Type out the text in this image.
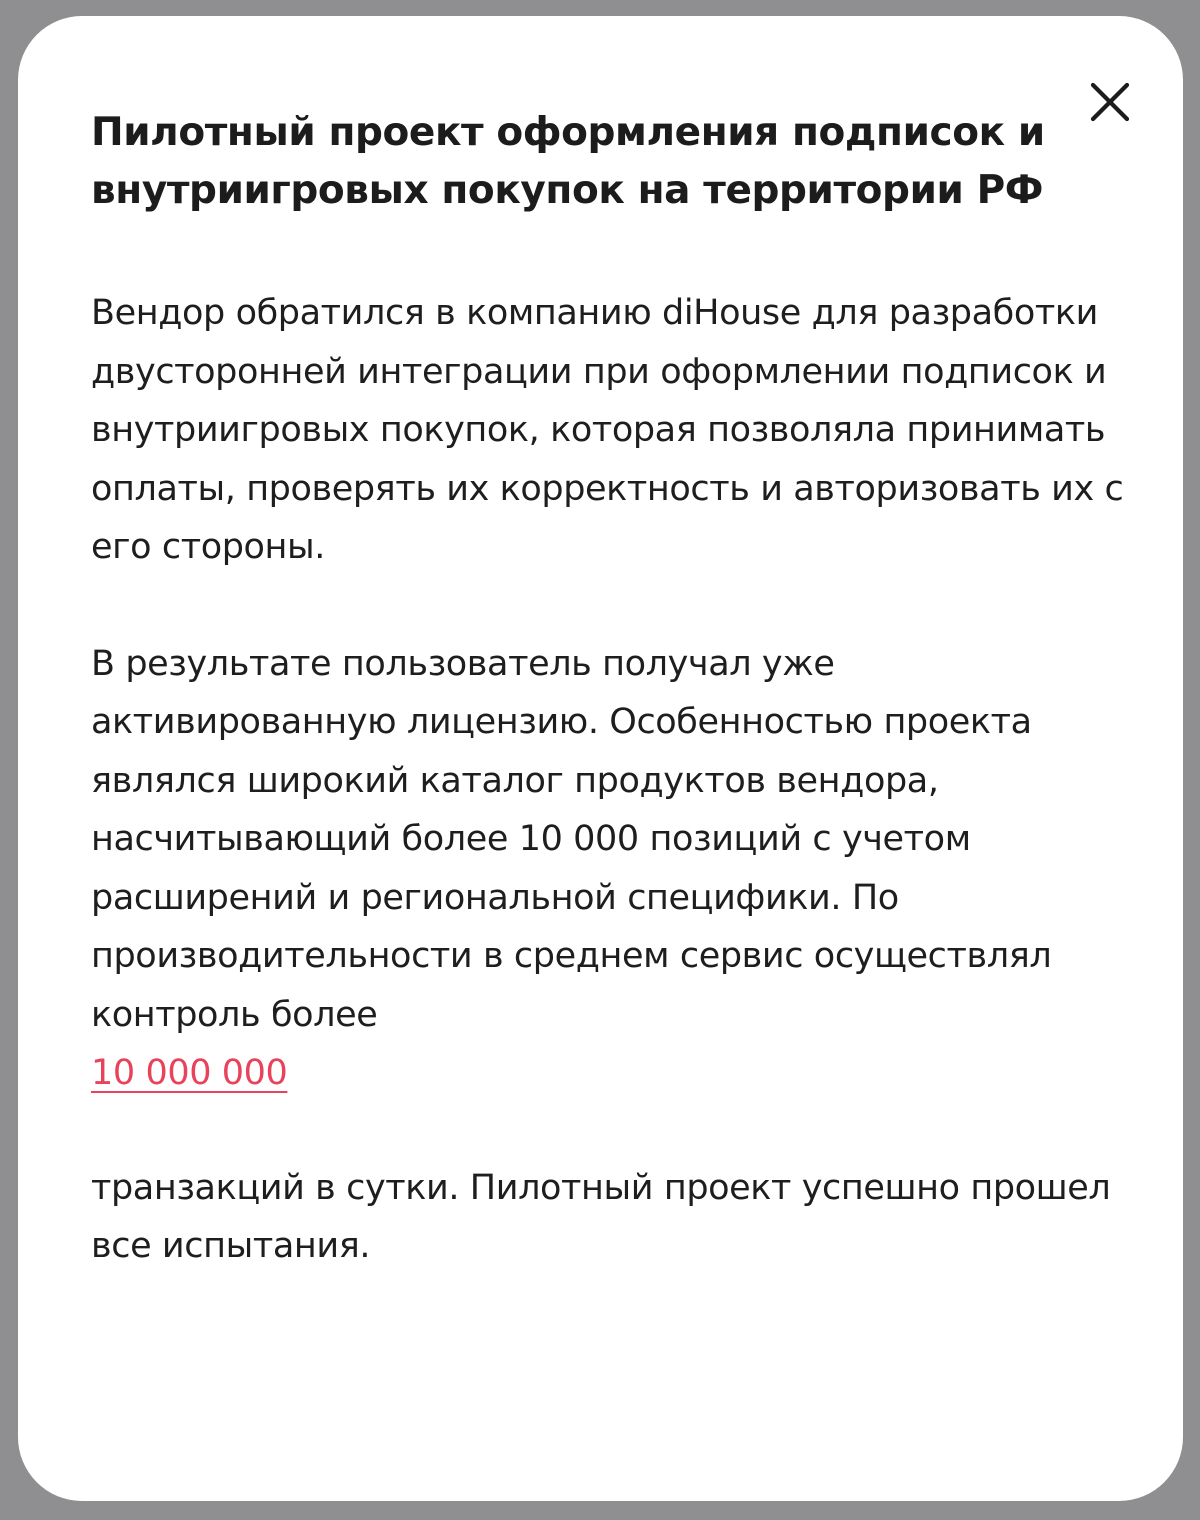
Пилотный проект оформления подписок и внутриигровых покупок на территории РФ

Вендор обратился в компанию diHouse для разработки двусторонней интеграции при оформлении подписок и внутриигровых покупок, которая позволяла принимать оплаты, проверять их корректность и авторизовать их с его стороны.

В результате пользователь получал уже активированную лицензию. Особенностью проекта являлся широкий каталог продуктов вендора, насчитывающий более 10 000 позиций с учетом расширений и региональной специфики. По производительности в среднем сервис осуществлял контроль более
10 000 000

транзакций в сутки. Пилотный проект успешно прошел все испытания.
